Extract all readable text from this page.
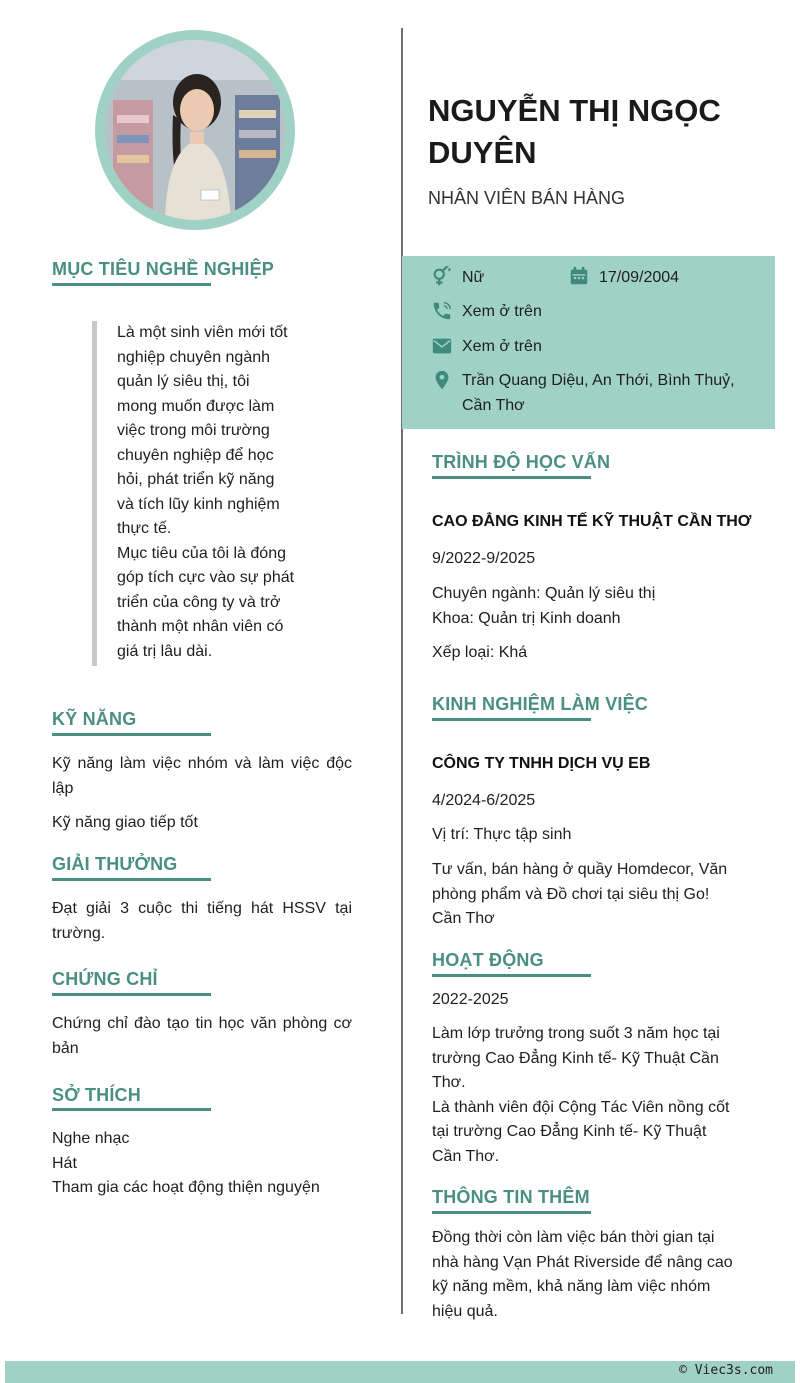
MỤC TIÊU NGHỀ NGHIỆP
Là một sinh viên mới tốt
nghiệp chuyên ngành
quản lý siêu thị, tôi
mong muốn được làm
việc trong môi trường
chuyên nghiệp để học
hỏi, phát triển kỹ năng
và tích lũy kinh nghiệm
thực tế.
Mục tiêu của tôi là đóng
góp tích cực vào sự phát
triển của công ty và trở
thành một nhân viên có
giá trị lâu dài.
KỸ NĂNG
Kỹ năng làm việc nhóm và làm việc độc lập
Kỹ năng giao tiếp tốt
GIẢI THƯỞNG
Đạt giải 3 cuộc thi tiếng hát HSSV tại trường.
CHỨNG CHỈ
Chứng chỉ đào tạo tin học văn phòng cơ bản
SỞ THÍCH
Nghe nhạc
Hát
Tham gia các hoạt động thiện nguyện
NGUYỄN THỊ NGỌC DUYÊN
NHÂN VIÊN BÁN HÀNG
Nữ	17/09/2004
Xem ở trên
Xem ở trên
Trần Quang Diệu, An Thới, Bình Thuỷ,
Cần Thơ
TRÌNH ĐỘ HỌC VẤN
CAO ĐẲNG KINH TẾ KỸ THUẬT CẦN THƠ
9/2022-9/2025
Chuyên ngành: Quản lý siêu thị
Khoa: Quản trị Kinh doanh
Xếp loại: Khá
KINH NGHIỆM LÀM VIỆC
CÔNG TY TNHH DỊCH VỤ EB
4/2024-6/2025
Vị trí: Thực tập sinh
Tư vấn, bán hàng ở quầy Homdecor, Văn
phòng phẩm và Đồ chơi tại siêu thị Go!
Cần Thơ
HOẠT ĐỘNG
2022-2025
Làm lớp trưởng trong suốt 3 năm học tại
trường Cao Đẳng Kinh tế- Kỹ Thuật Cần
Thơ.
Là thành viên đội Cộng Tác Viên nồng cốt
tại trường Cao Đẳng Kinh tế- Kỹ Thuật
Cần Thơ.
THÔNG TIN THÊM
Đồng thời còn làm việc bán thời gian tại
nhà hàng Vạn Phát Riverside để nâng cao
kỹ năng mềm, khả năng làm việc nhóm
hiệu quả.
© Viec3s.com
